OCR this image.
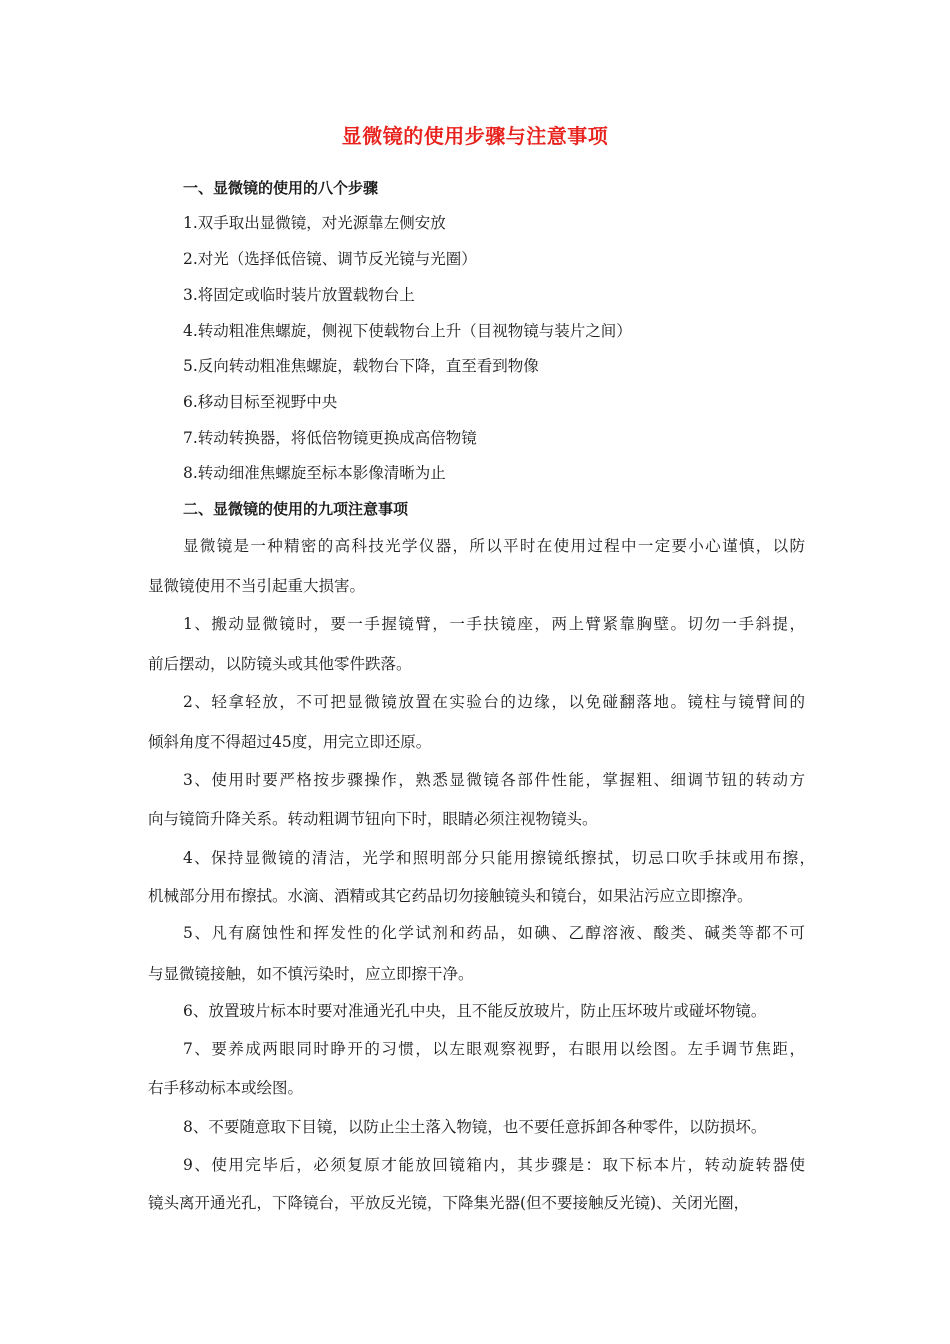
显微镜的使用步骤与注意事项
一、显微镜的使用的八个步骤
1.双手取出显微镜，对光源靠左侧安放
2.对光（选择低倍镜、调节反光镜与光圈）
3.将固定或临时装片放置载物台上
4.转动粗准焦螺旋，侧视下使载物台上升（目视物镜与装片之间）
5.反向转动粗准焦螺旋，载物台下降，直至看到物像
6.移动目标至视野中央
7.转动转换器，将低倍物镜更换成高倍物镜
8.转动细准焦螺旋至标本影像清晰为止
二、显微镜的使用的九项注意事项
显微镜是一种精密的高科技光学仪器，所以平时在使用过程中一定要小心谨慎，以防
显微镜使用不当引起重大损害。
1、搬动显微镜时，要一手握镜臂，一手扶镜座，两上臂紧靠胸壁。切勿一手斜提，
前后摆动，以防镜头或其他零件跌落。
2、轻拿轻放，不可把显微镜放置在实验台的边缘，以免碰翻落地。镜柱与镜臂间的
倾斜角度不得超过45度，用完立即还原。
3、使用时要严格按步骤操作，熟悉显微镜各部件性能，掌握粗、细调节钮的转动方
向与镜筒升降关系。转动粗调节钮向下时，眼睛必须注视物镜头。
4、保持显微镜的清洁，光学和照明部分只能用擦镜纸擦拭，切忌口吹手抹或用布擦，
机械部分用布擦拭。水滴、酒精或其它药品切勿接触镜头和镜台，如果沾污应立即擦净。
5、凡有腐蚀性和挥发性的化学试剂和药品，如碘、乙醇溶液、酸类、碱类等都不可
与显微镜接触，如不慎污染时，应立即擦干净。
6、放置玻片标本时要对准通光孔中央，且不能反放玻片，防止压坏玻片或碰坏物镜。
7、要养成两眼同时睁开的习惯，以左眼观察视野，右眼用以绘图。左手调节焦距，
右手移动标本或绘图。
8、不要随意取下目镜，以防止尘土落入物镜，也不要任意拆卸各种零件，以防损坏。
9、使用完毕后，必须复原才能放回镜箱内，其步骤是：取下标本片，转动旋转器使
镜头离开通光孔，下降镜台，平放反光镜，下降集光器(但不要接触反光镜)、关闭光圈，
